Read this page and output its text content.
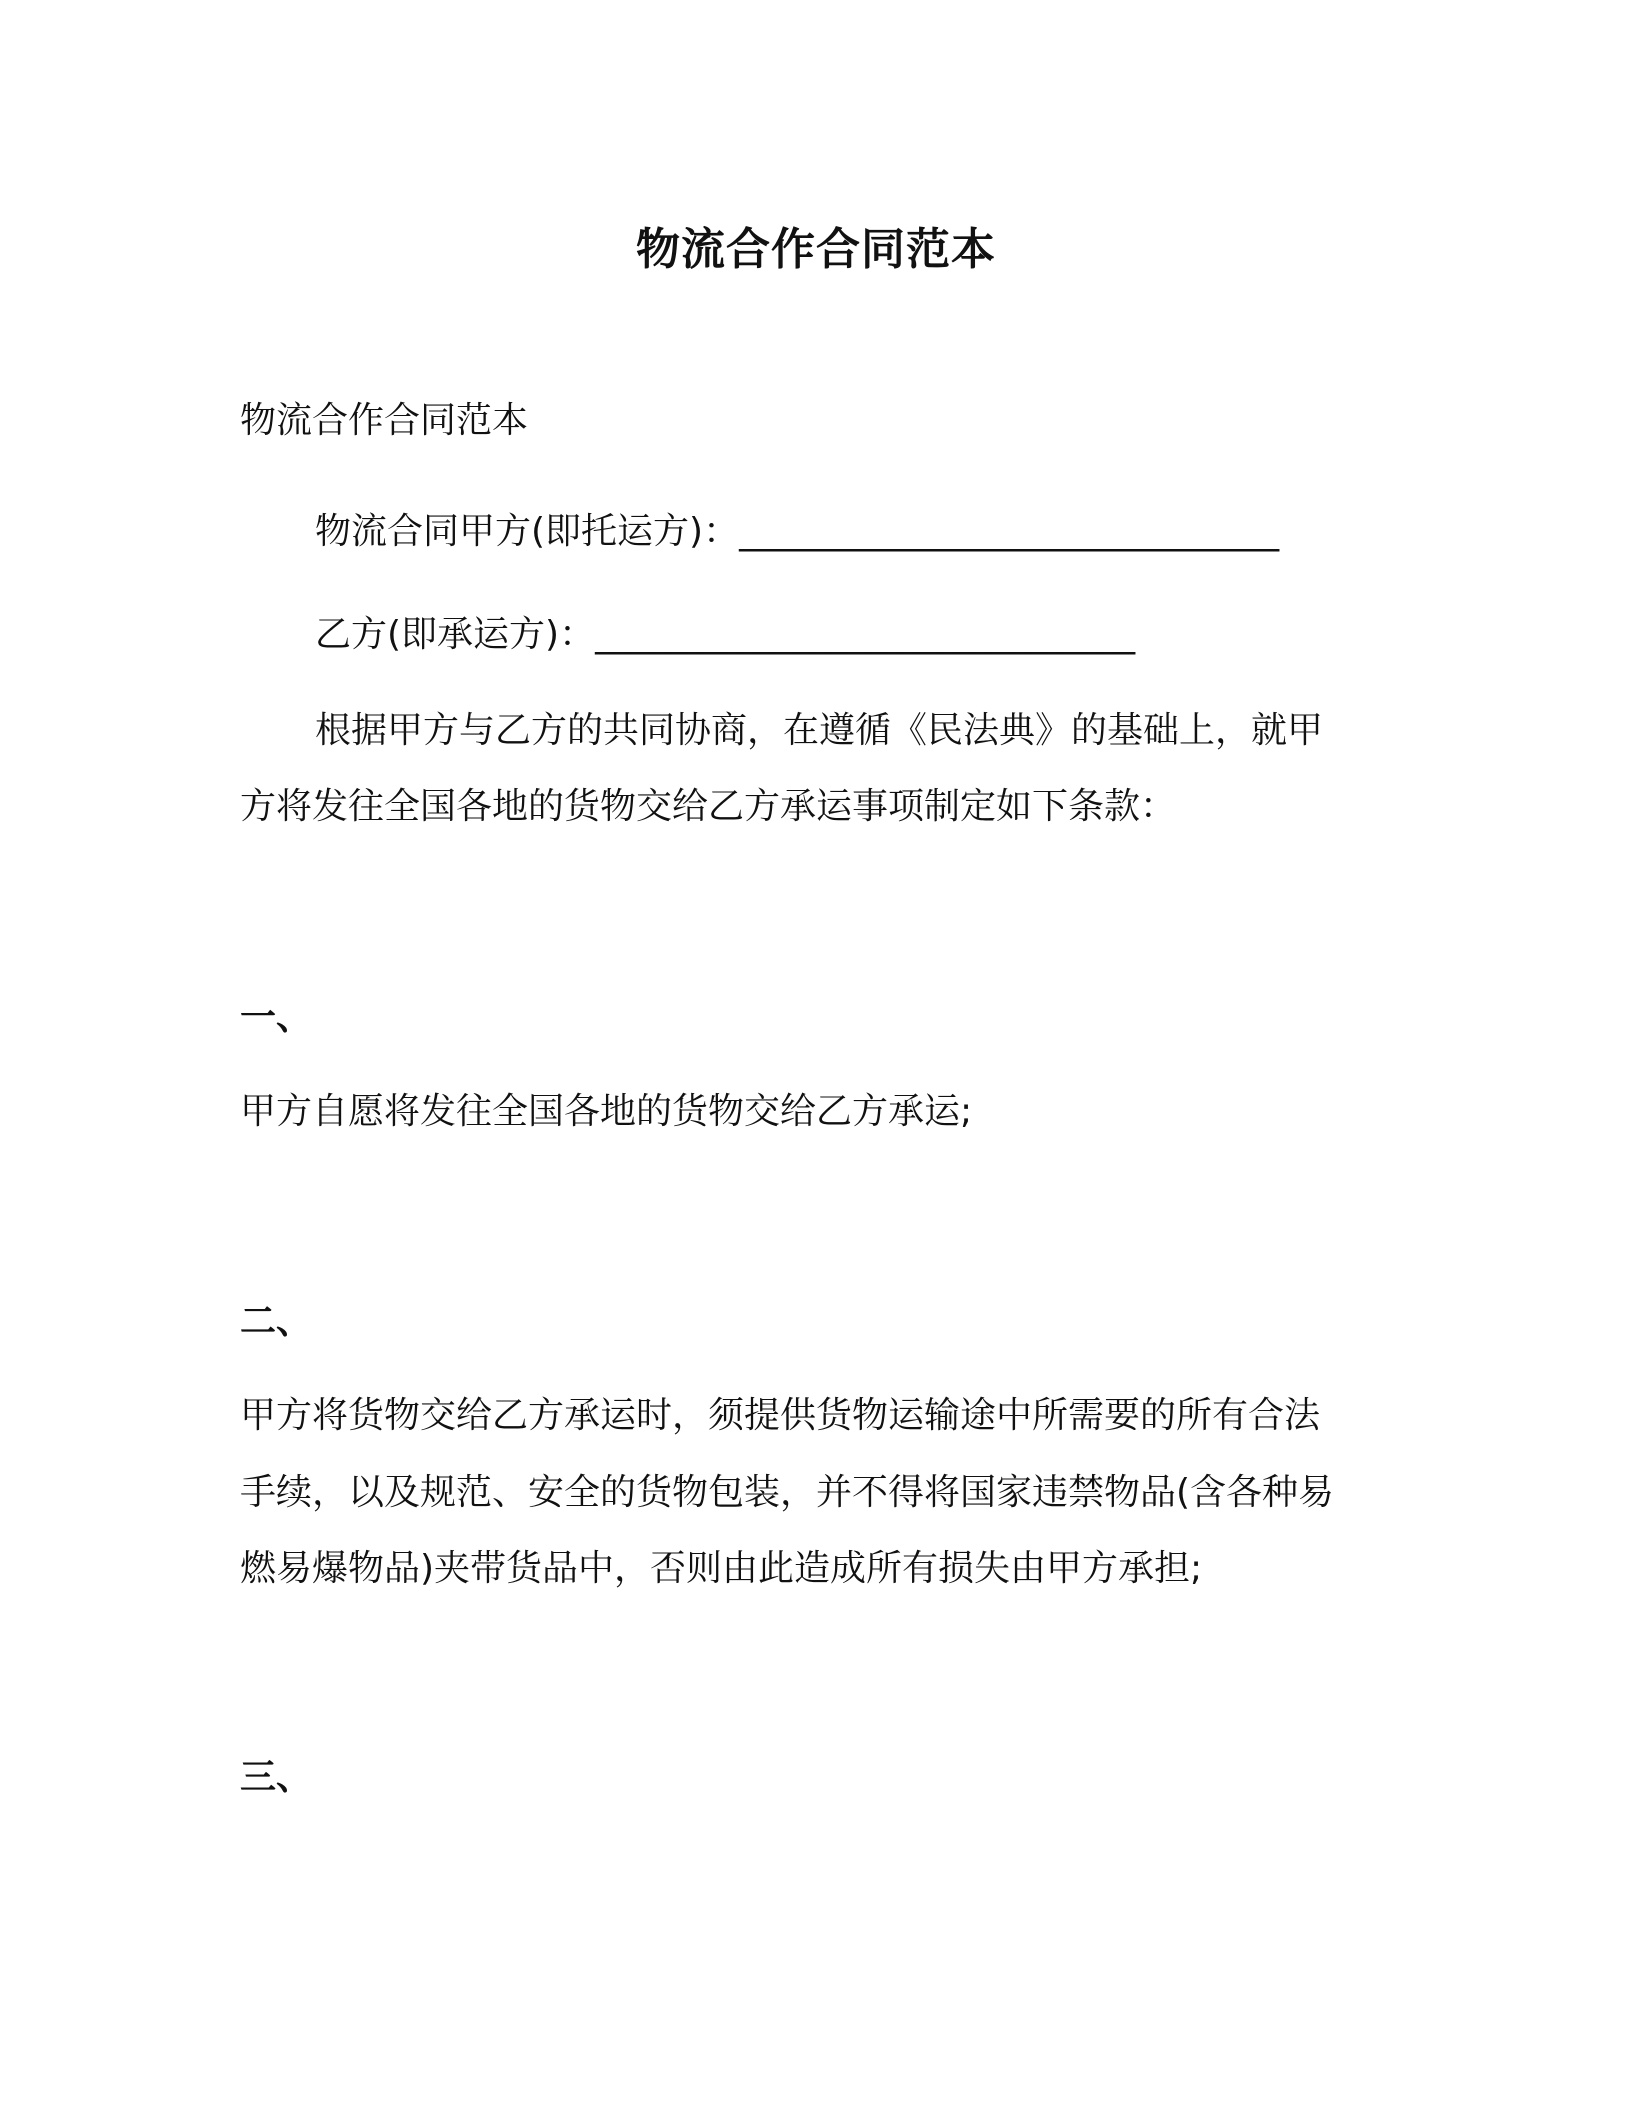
物流合作合同范本
物流合作合同范本
物流合同甲方(即托运方)：______________________________
乙方(即承运方)：______________________________
根据甲方与乙方的共同协商，在遵循《民法典》的基础上，就甲
方将发往全国各地的货物交给乙方承运事项制定如下条款：
一、
甲方自愿将发往全国各地的货物交给乙方承运;
二、
甲方将货物交给乙方承运时，须提供货物运输途中所需要的所有合法
手续，以及规范、安全的货物包装，并不得将国家违禁物品(含各种易
燃易爆物品)夹带货品中，否则由此造成所有损失由甲方承担;
三、
